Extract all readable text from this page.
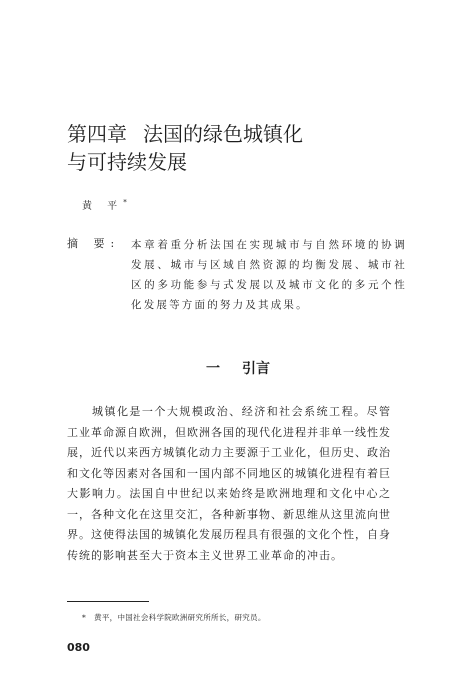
第四章 法国的绿色城镇化
与可持续发展
黄 平*
摘 要: 本章着重分析法国在实现城市与自然环境的协调发展、城市与区域自然资源的均衡发展、城市社区的多功能参与式发展以及城市文化的多元个性化发展等方面的努力及其成果。

一 引言

城镇化是一个大规模政治、经济和社会系统工程。尽管工业革命源自欧洲，但欧洲各国的现代化进程并非单一线性发展，近代以来西方城镇化动力主要源于工业化，但历史、政治和文化等因素对各国和一国内部不同地区的城镇化进程有着巨大影响力。法国自中世纪以来始终是欧洲地理和文化中心之一，各种文化在这里交汇，各种新事物、新思维从这里流向世界。这使得法国的城镇化发展历程具有很强的文化个性，自身传统的影响甚至大于资本主义世界工业革命的冲击。

* 黄平，中国社会科学院欧洲研究所所长，研究员。
080
